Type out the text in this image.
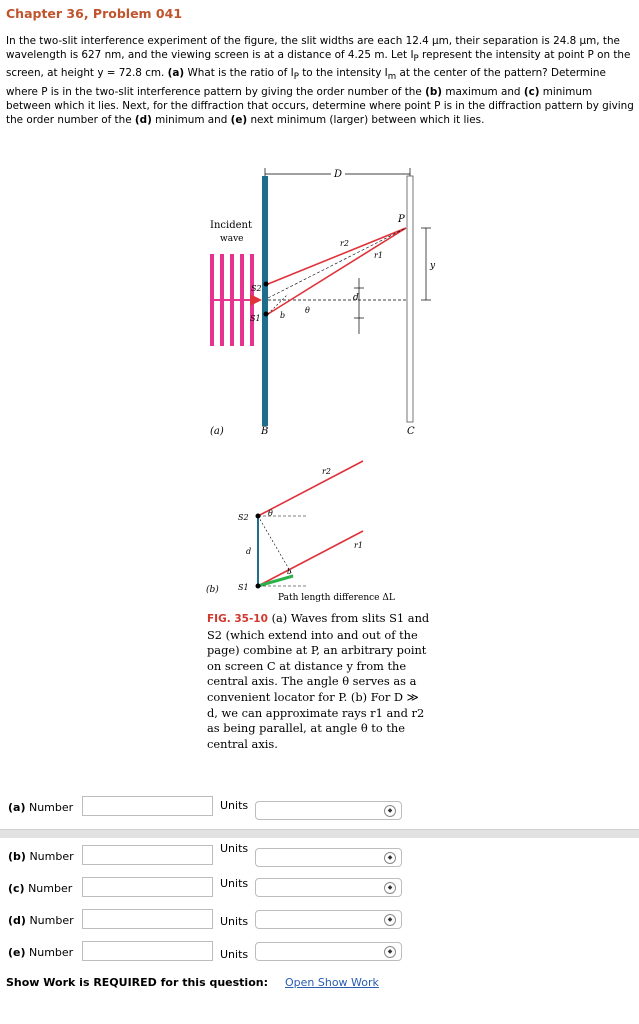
Chapter 36, Problem 041
In the two-slit interference experiment of the figure, the slit widths are each 12.4 μm, their separation is 24.8 μm, the wavelength is 627 nm, and the viewing screen is at a distance of 4.25 m. Let $I_P$ represent the intensity at point P on the screen, at height y = 72.8 cm. (a) What is the ratio of $I_P$ to the intensity $I_m$ at the center of the pattern? Determine where P is in the two-slit interference pattern by giving the order number of the (b) maximum and (c) minimum between which it lies. Next, for the diffraction that occurs, determine where point P is in the diffraction pattern by giving the order number of the (d) minimum and (e) next minimum (larger) between which it lies.
D
Incident
wave
B
(a)	C
P
r2
r1
y
d
S2
S1 b
θ
r2
r1
S2
S1
d
θ
b
(b)
Path length difference ΔL
FIG. 35-10 (a) Waves from slits S1 and S2 (which extend into and out of the page) combine at P, an arbitrary point on screen C at distance y from the central axis. The angle θ serves as a convenient locator for P. (b) For D ≫ d, we can approximate rays r1 and r2 as being parallel, at angle θ to the central axis.
(a) Number	Units	◆
(b) Number
Units
◆
(c) Number	Units	◆
(d) Number	Units	◆
(e) Number	Units	◆
Show Work is REQUIRED for this question: Open Show Work
